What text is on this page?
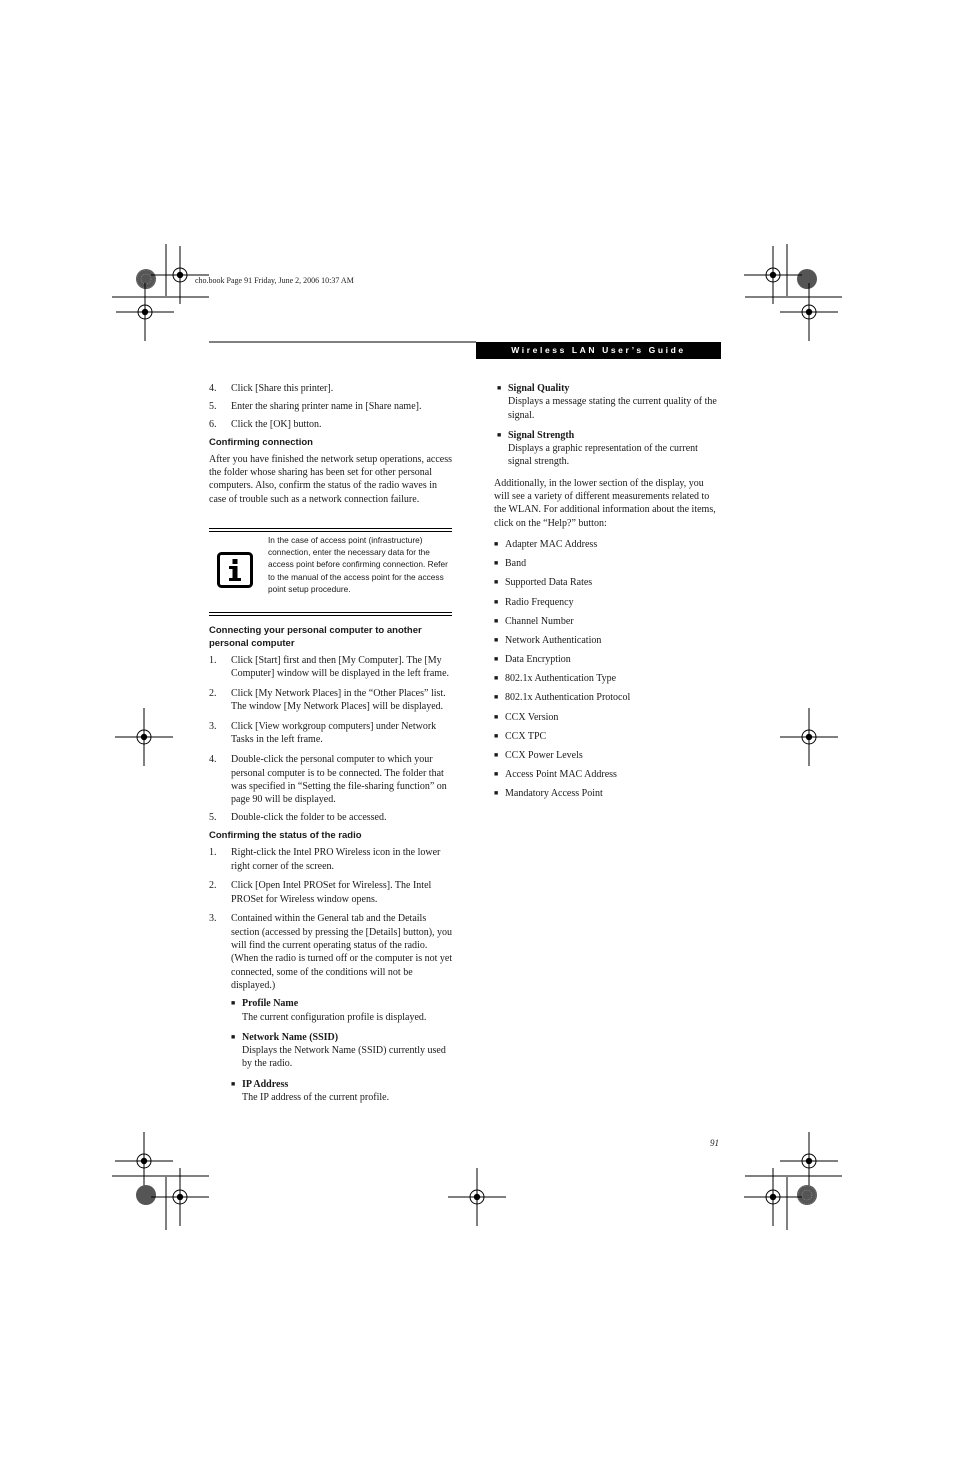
cho.book Page 91 Friday, June 2, 2006 10:37 AM
Wireless LAN User’s Guide
4.	Click [Share this printer].
5.	Enter the sharing printer name in [Share name].
6.	Click the [OK] button.
Confirming connection

After you have finished the network setup operations, access the folder whose sharing has been set for other personal computers. Also, confirm the status of the radio waves in case of trouble such as a network connection failure.

In the case of access point (infrastructure) connection, enter the necessary data for the access point before confirming connection. Refer to the manual of the access point for the access point setup procedure.
Connecting your personal computer to another personal computer
1.	Click [Start] first and then [My Computer]. The [My Computer] window will be displayed in the left frame.
2.	Click [My Network Places] in the “Other Places” list. The window [My Network Places] will be displayed.
3.	Click [View workgroup computers] under Network Tasks in the left frame.
4.	Double-click the personal computer to which your personal computer is to be connected. The folder that was specified in “Setting the file-sharing function” on page 90 will be displayed.
5.	Double-click the folder to be accessed.
Confirming the status of the radio
1.	Right-click the Intel PRO Wireless icon in the lower right corner of the screen.
2.	Click [Open Intel PROSet for Wireless]. The Intel PROSet for Wireless window opens.
3.	Contained within the General tab and the Details section (accessed by pressing the [Details] button), you will find the current operating status of the radio. (When the radio is turned off or the computer is not yet connected, some of the conditions will not be displayed.)
■ Profile Name
The current configuration profile is displayed.
■ Network Name (SSID)
Displays the Network Name (SSID) currently used by the radio.
■ IP Address
The IP address of the current profile.
■ Signal Quality
Displays a message stating the current quality of the signal.
■ Signal Strength
Displays a graphic representation of the current signal strength.

Additionally, in the lower section of the display, you will see a variety of different measurements related to the WLAN. For additional information about the items, click on the “Help?” button:

■ Adapter MAC Address
■ Band
■ Supported Data Rates
■ Radio Frequency
■ Channel Number
■ Network Authentication
■ Data Encryption
■ 802.1x Authentication Type
■ 802.1x Authentication Protocol
■ CCX Version
■ CCX TPC
■ CCX Power Levels
■ Access Point MAC Address
■ Mandatory Access Point
91
